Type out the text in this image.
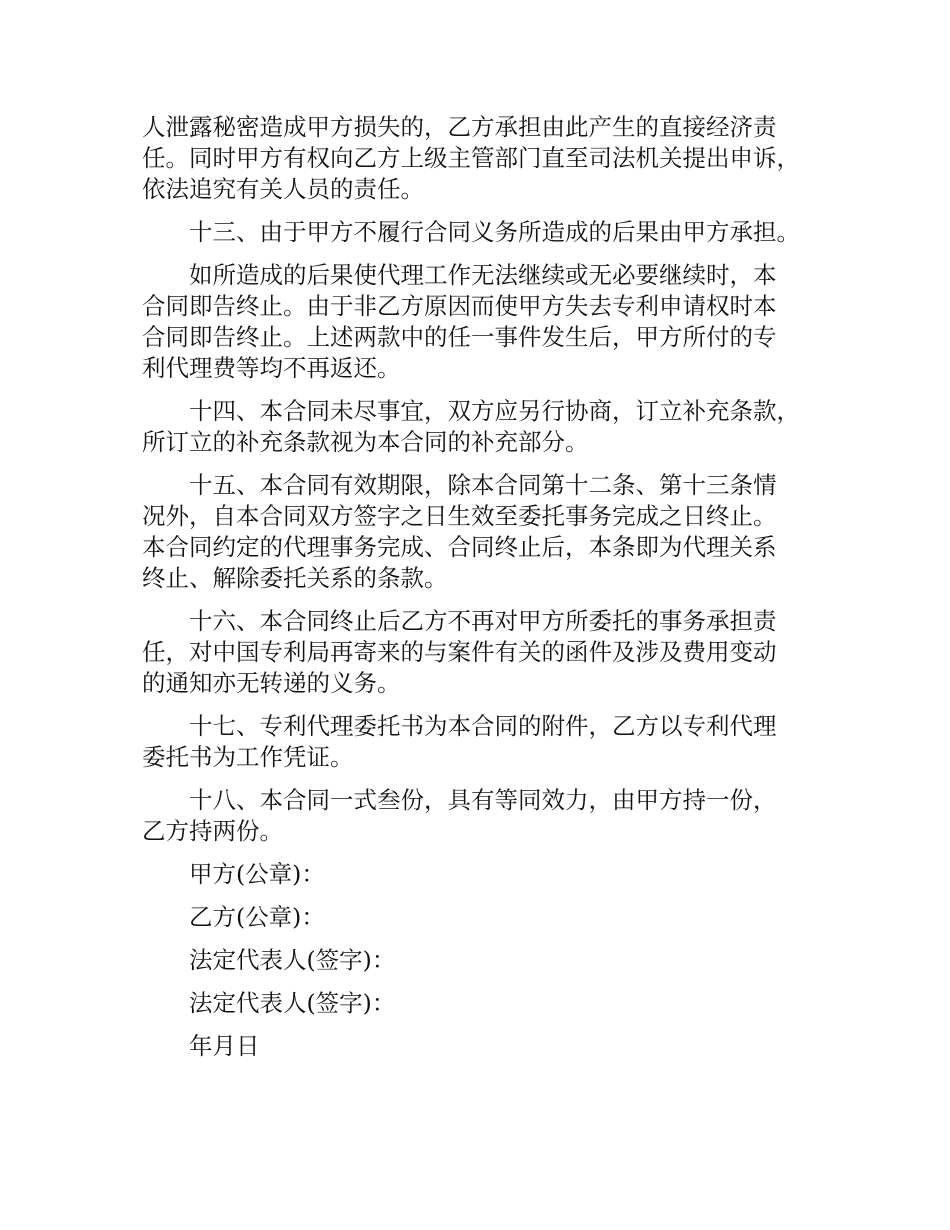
人泄露秘密造成甲方损失的，乙方承担由此产生的直接经济责
任。同时甲方有权向乙方上级主管部门直至司法机关提出申诉，
依法追究有关人员的责任。
十三、由于甲方不履行合同义务所造成的后果由甲方承担。
如所造成的后果使代理工作无法继续或无必要继续时，本
合同即告终止。由于非乙方原因而使甲方失去专利申请权时本
合同即告终止。上述两款中的任一事件发生后，甲方所付的专
利代理费等均不再返还。
十四、本合同未尽事宜，双方应另行协商，订立补充条款，
所订立的补充条款视为本合同的补充部分。
十五、本合同有效期限，除本合同第十二条、第十三条情
况外，自本合同双方签字之日生效至委托事务完成之日终止。
本合同约定的代理事务完成、合同终止后，本条即为代理关系
终止、解除委托关系的条款。
十六、本合同终止后乙方不再对甲方所委托的事务承担责
任，对中国专利局再寄来的与案件有关的函件及涉及费用变动
的通知亦无转递的义务。
十七、专利代理委托书为本合同的附件，乙方以专利代理
委托书为工作凭证。
十八、本合同一式叁份，具有等同效力，由甲方持一份，
乙方持两份。
甲方(公章)：
乙方(公章)：
法定代表人(签字)：
法定代表人(签字)：
年月日
